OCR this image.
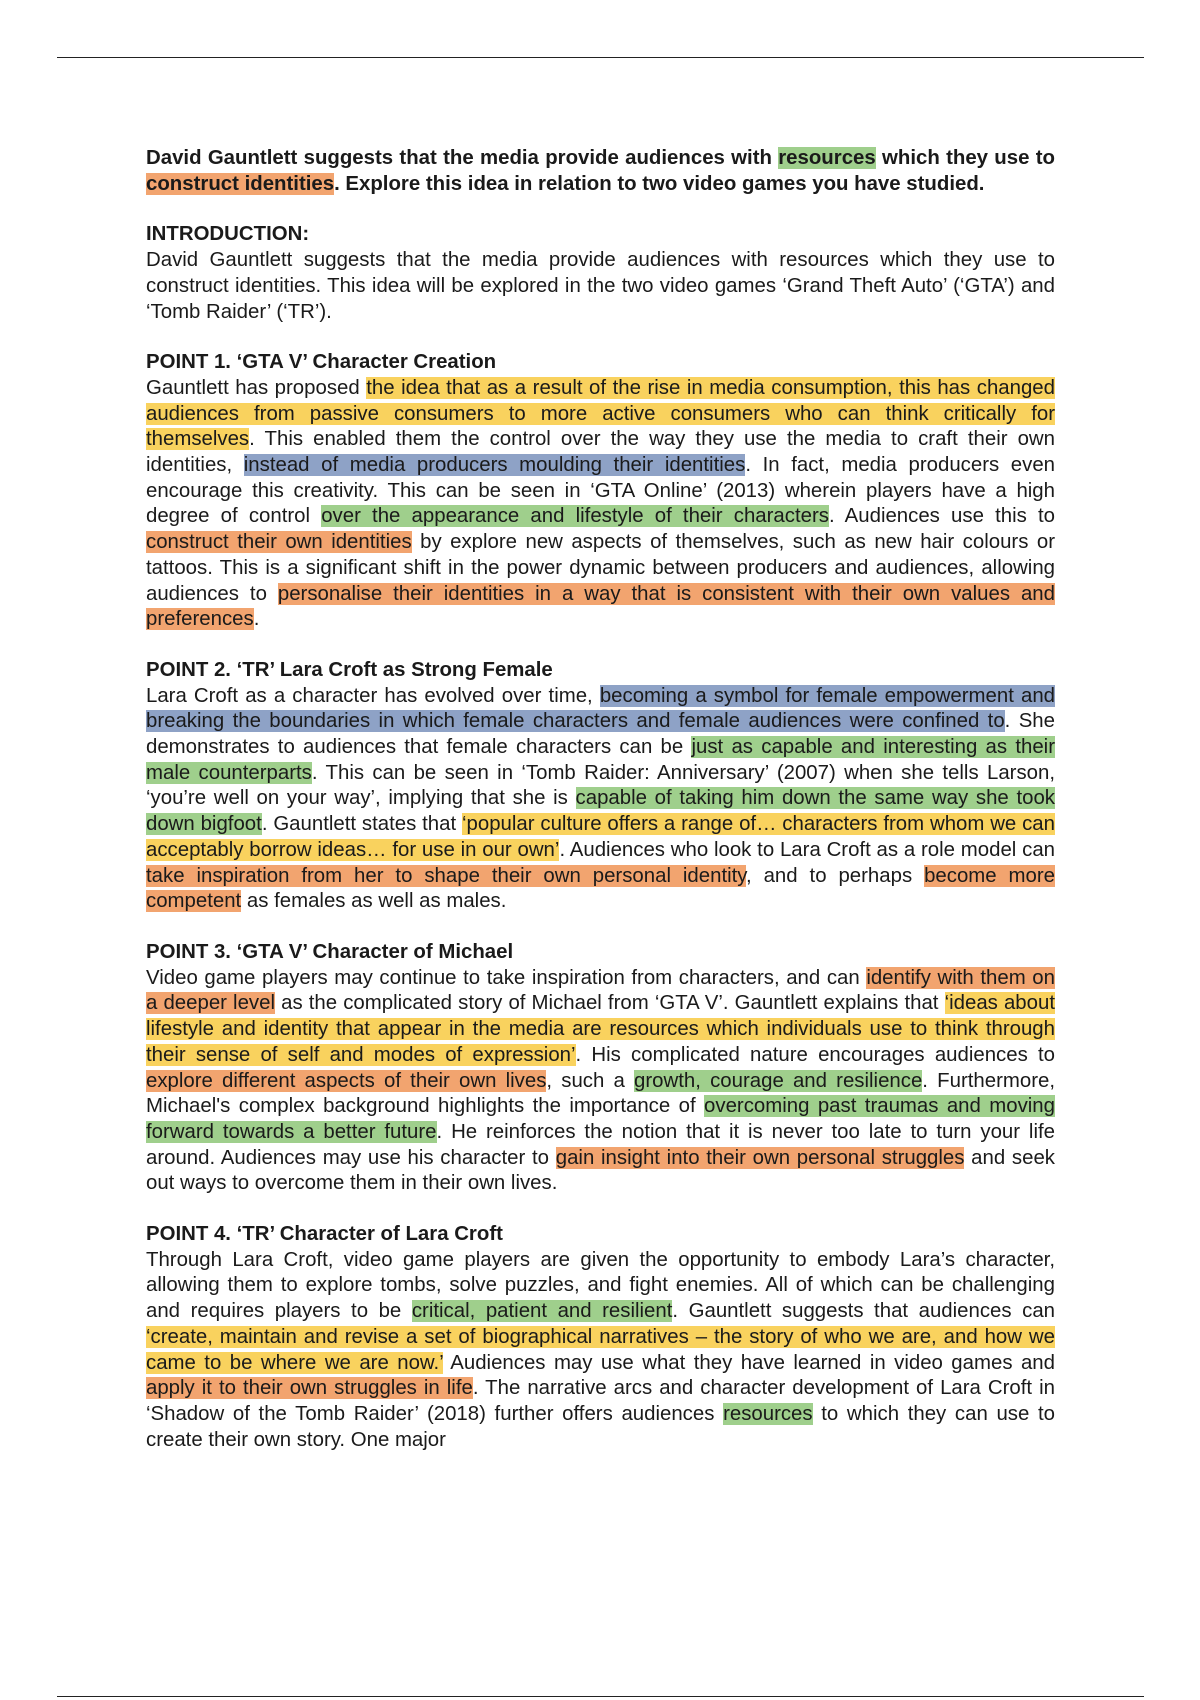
David Gauntlett suggests that the media provide audiences with resources which they use to construct identities. Explore this idea in relation to two video games you have studied.
INTRODUCTION:
David Gauntlett suggests that the media provide audiences with resources which they use to construct identities. This idea will be explored in the two video games ‘Grand Theft Auto’ (‘GTA’) and ‘Tomb Raider’ (‘TR’).
POINT 1. ‘GTA V’ Character Creation
Gauntlett has proposed the idea that as a result of the rise in media consumption, this has changed audiences from passive consumers to more active consumers who can think critically for themselves. This enabled them the control over the way they use the media to craft their own identities, instead of media producers moulding their identities. In fact, media producers even encourage this creativity. This can be seen in ‘GTA Online’ (2013) wherein players have a high degree of control over the appearance and lifestyle of their characters. Audiences use this to construct their own identities by explore new aspects of themselves, such as new hair colours or tattoos. This is a significant shift in the power dynamic between producers and audiences, allowing audiences to personalise their identities in a way that is consistent with their own values and preferences.
POINT 2. ‘TR’ Lara Croft as Strong Female
Lara Croft as a character has evolved over time, becoming a symbol for female empowerment and breaking the boundaries in which female characters and female audiences were confined to. She demonstrates to audiences that female characters can be just as capable and interesting as their male counterparts. This can be seen in ‘Tomb Raider: Anniversary’ (2007) when she tells Larson, ‘you’re well on your way’, implying that she is capable of taking him down the same way she took down bigfoot. Gauntlett states that ‘popular culture offers a range of… characters from whom we can acceptably borrow ideas… for use in our own’. Audiences who look to Lara Croft as a role model can take inspiration from her to shape their own personal identity, and to perhaps become more competent as females as well as males.
POINT 3. ‘GTA V’ Character of Michael
Video game players may continue to take inspiration from characters, and can identify with them on a deeper level as the complicated story of Michael from ‘GTA V’. Gauntlett explains that ‘ideas about lifestyle and identity that appear in the media are resources which individuals use to think through their sense of self and modes of expression’. His complicated nature encourages audiences to explore different aspects of their own lives, such a growth, courage and resilience. Furthermore, Michael's complex background highlights the importance of overcoming past traumas and moving forward towards a better future. He reinforces the notion that it is never too late to turn your life around. Audiences may use his character to gain insight into their own personal struggles and seek out ways to overcome them in their own lives.
POINT 4. ‘TR’ Character of Lara Croft
Through Lara Croft, video game players are given the opportunity to embody Lara’s character, allowing them to explore tombs, solve puzzles, and fight enemies. All of which can be challenging and requires players to be critical, patient and resilient. Gauntlett suggests that audiences can ‘create, maintain and revise a set of biographical narratives – the story of who we are, and how we came to be where we are now.’ Audiences may use what they have learned in video games and apply it to their own struggles in life. The narrative arcs and character development of Lara Croft in ‘Shadow of the Tomb Raider’ (2018) further offers audiences resources to which they can use to create their own story. One major
